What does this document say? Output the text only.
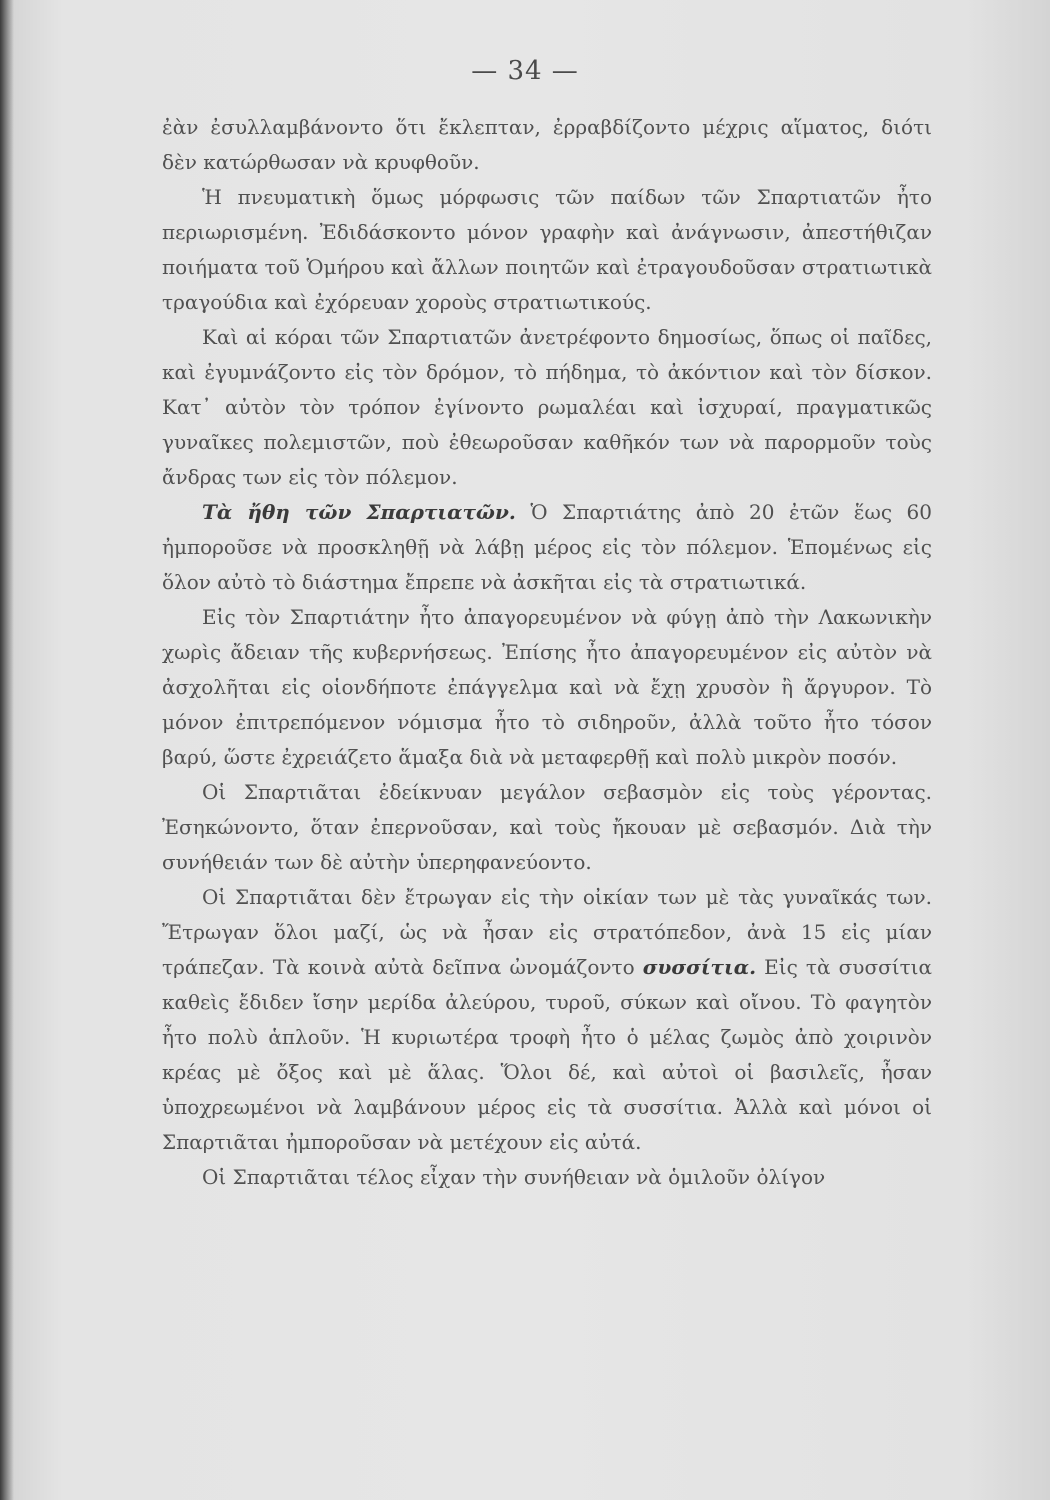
— 34 —

ἐὰν ἐσυλλαμβάνοντο ὅτι ἔκλεπταν, ἐρραβδίζοντο μέχρις αἵματος, διότι δὲν κατώρθωσαν νὰ κρυφθοῦν.

Ἡ πνευματικὴ ὅμως μόρφωσις τῶν παίδων τῶν Σπαρτιατῶν ἦτο περιωρισμένη. Ἐδιδάσκοντο μόνον γραφὴν καὶ ἀνάγνωσιν, ἀπεστήθιζαν ποιήματα τοῦ Ὁμήρου καὶ ἄλλων ποιητῶν καὶ ἐτραγουδοῦσαν στρατιωτικὰ τραγούδια καὶ ἐχόρευαν χοροὺς στρατιωτικούς.

Καὶ αἱ κόραι τῶν Σπαρτιατῶν ἀνετρέφοντο δημοσίως, ὅπως οἱ παῖδες, καὶ ἐγυμνάζοντο εἰς τὸν δρόμον, τὸ πήδημα, τὸ ἀκόντιον καὶ τὸν δίσκον. Κατ᾽ αὐτὸν τὸν τρόπον ἐγίνοντο ρωμαλέαι καὶ ἰσχυραί, πραγματικῶς γυναῖκες πολεμιστῶν, ποὺ ἐθεωροῦσαν καθῆκόν των νὰ παρορμοῦν τοὺς ἄνδρας των εἰς τὸν πόλεμον.

Τὰ ἤθη τῶν Σπαρτιατῶν. Ὁ Σπαρτιάτης ἀπὸ 20 ἐτῶν ἕως 60 ἠμποροῦσε νὰ προσκληθῇ νὰ λάβῃ μέρος εἰς τὸν πόλεμον. Ἑπομένως εἰς ὅλον αὐτὸ τὸ διάστημα ἔπρεπε νὰ ἀσκῆται εἰς τὰ στρατιωτικά.

Εἰς τὸν Σπαρτιάτην ἦτο ἀπαγορευμένον νὰ φύγῃ ἀπὸ τὴν Λακωνικὴν χωρὶς ἄδειαν τῆς κυβερνήσεως. Ἐπίσης ἦτο ἀπαγορευμένον εἰς αὐτὸν νὰ ἀσχολῆται εἰς οἱονδήποτε ἐπάγγελμα καὶ νὰ ἔχῃ χρυσὸν ἢ ἄργυρον. Τὸ μόνον ἐπιτρεπόμενον νόμισμα ἦτο τὸ σιδηροῦν, ἀλλὰ τοῦτο ἦτο τόσον βαρύ, ὥστε ἐχρειάζετο ἅμαξα διὰ νὰ μεταφερθῇ καὶ πολὺ μικρὸν ποσόν.

Οἱ Σπαρτιᾶται ἐδείκνυαν μεγάλον σεβασμὸν εἰς τοὺς γέροντας. Ἐσηκώνοντο, ὅταν ἐπερνοῦσαν, καὶ τοὺς ἤκουαν μὲ σεβασμόν. Διὰ τὴν συνήθειάν των δὲ αὐτὴν ὑπερηφανεύοντο.

Οἱ Σπαρτιᾶται δὲν ἔτρωγαν εἰς τὴν οἰκίαν των μὲ τὰς γυναῖκάς των. Ἔτρωγαν ὅλοι μαζί, ὡς νὰ ἦσαν εἰς στρατόπεδον, ἀνὰ 15 εἰς μίαν τράπεζαν. Τὰ κοινὰ αὐτὰ δεῖπνα ὠνομάζοντο συσσίτια. Εἰς τὰ συσσίτια καθεὶς ἔδιδεν ἴσην μερίδα ἀλεύρου, τυροῦ, σύκων καὶ οἴνου. Τὸ φαγητὸν ἦτο πολὺ ἁπλοῦν. Ἡ κυριωτέρα τροφὴ ἦτο ὁ μέλας ζωμὸς ἀπὸ χοιρινὸν κρέας μὲ ὄξος καὶ μὲ ἅλας. Ὅλοι δέ, καὶ αὐτοὶ οἱ βασιλεῖς, ἦσαν ὑποχρεωμένοι νὰ λαμβάνουν μέρος εἰς τὰ συσσίτια. Ἀλλὰ καὶ μόνοι οἱ Σπαρτιᾶται ἠμποροῦσαν νὰ μετέχουν εἰς αὐτά.

Οἱ Σπαρτιᾶται τέλος εἶχαν τὴν συνήθειαν νὰ ὁμιλοῦν ὀλίγον
